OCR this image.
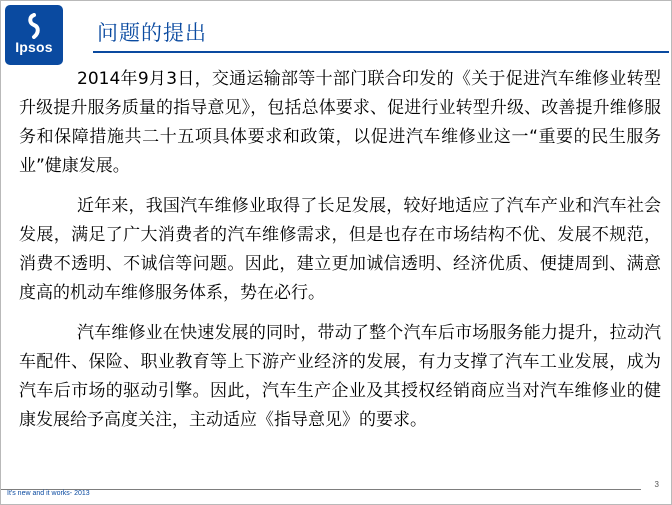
Ipsos
问题的提出

2014年9月3日，交通运输部等十部门联合印发的《关于促进汽车维修业转型升级提升服务质量的指导意见》，包括总体要求、促进行业转型升级、改善提升维修服务和保障措施共二十五项具体要求和政策，以促进汽车维修业这一“重要的民生服务业”健康发展。

近年来，我国汽车维修业取得了长足发展，较好地适应了汽车产业和汽车社会发展，满足了广大消费者的汽车维修需求，但是也存在市场结构不优、发展不规范，消费不透明、不诚信等问题。因此，建立更加诚信透明、经济优质、便捷周到、满意度高的机动车维修服务体系，势在必行。

汽车维修业在快速发展的同时，带动了整个汽车后市场服务能力提升，拉动汽车配件、保险、职业教育等上下游产业经济的发展，有力支撑了汽车工业发展，成为汽车后市场的驱动引擎。因此，汽车生产企业及其授权经销商应当对汽车维修业的健康发展给予高度关注，主动适应《指导意见》的要求。

3
It's new and it works- 2013
